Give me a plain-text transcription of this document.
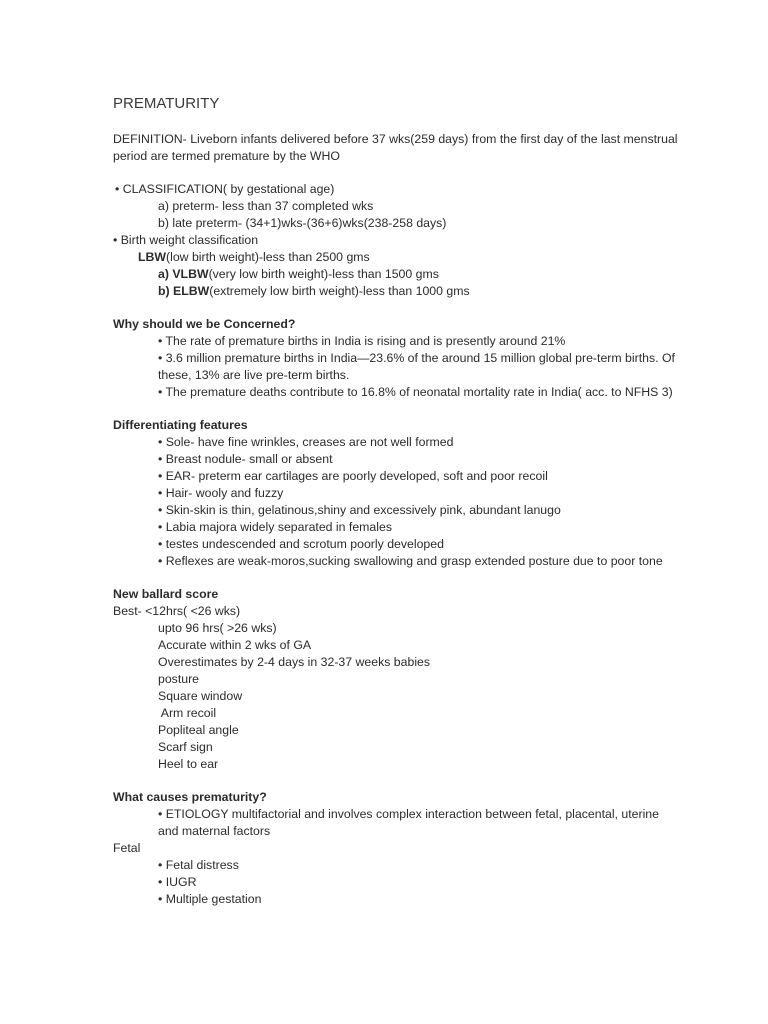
PREMATURITY
DEFINITION- Liveborn infants delivered before 37 wks(259 days) from the first day of the last menstrual period are termed premature by the WHO
• CLASSIFICATION( by gestational age)
a) preterm- less than 37 completed wks
b) late preterm- (34+1)wks-(36+6)wks(238-258 days)
• Birth weight classification
LBW(low birth weight)-less than 2500 gms
a) VLBW(very low birth weight)-less than 1500 gms
b) ELBW(extremely low birth weight)-less than 1000 gms
Why should we be Concerned?
• The rate of premature births in India is rising and is presently around 21%
• 3.6 million premature births in India—23.6% of the around 15 million global pre-term births. Of these, 13% are live pre-term births.
• The premature deaths contribute to 16.8% of neonatal mortality rate in India( acc. to NFHS 3)
Differentiating features
• Sole- have fine wrinkles, creases are not well formed
• Breast nodule- small or absent
• EAR- preterm ear cartilages are poorly developed, soft and poor recoil
• Hair- wooly and fuzzy
• Skin-skin is thin, gelatinous,shiny and excessively pink, abundant lanugo
• Labia majora widely separated in females
• testes undescended and scrotum poorly developed
• Reflexes are weak-moros,sucking swallowing and grasp extended posture due to poor tone
New ballard score
Best- <12hrs( <26 wks)
upto 96 hrs( >26 wks)
Accurate within 2 wks of GA
Overestimates by 2-4 days in 32-37 weeks babies
posture
Square window
Arm recoil
Popliteal angle
Scarf sign
Heel to ear
What causes prematurity?
• ETIOLOGY multifactorial and involves complex interaction between fetal, placental, uterine and maternal factors
Fetal
• Fetal distress
• IUGR
• Multiple gestation
